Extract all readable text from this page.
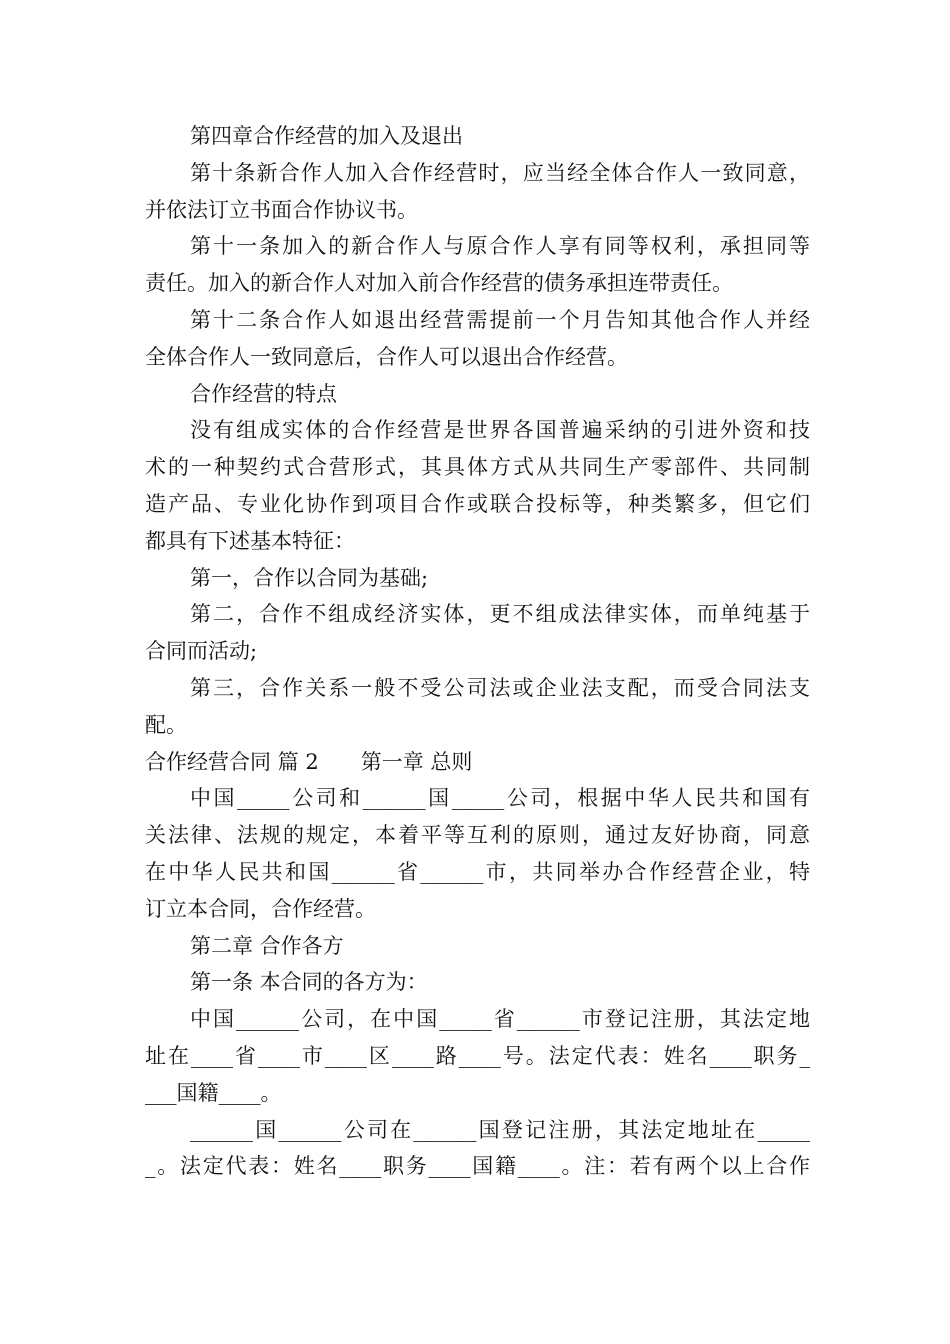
第四章合作经营的加入及退出
第十条新合作人加入合作经营时，应当经全体合作人一致同意，
并依法订立书面合作协议书。
第十一条加入的新合作人与原合作人享有同等权利，承担同等
责任。加入的新合作人对加入前合作经营的债务承担连带责任。
第十二条合作人如退出经营需提前一个月告知其他合作人并经
全体合作人一致同意后，合作人可以退出合作经营。
合作经营的特点
没有组成实体的合作经营是世界各国普遍采纳的引进外资和技
术的一种契约式合营形式，其具体方式从共同生产零部件、共同制
造产品、专业化协作到项目合作或联合投标等，种类繁多，但它们
都具有下述基本特征：
第一，合作以合同为基础;
第二，合作不组成经济实体，更不组成法律实体，而单纯基于
合同而活动;
第三，合作关系一般不受公司法或企业法支配，而受合同法支
配。
合作经营合同 篇 2　　第一章 总则
中国_____公司和______国_____公司，根据中华人民共和国有
关法律、法规的规定，本着平等互利的原则，通过友好协商，同意
在中华人民共和国______省______市，共同举办合作经营企业，特
订立本合同，合作经营。
第二章 合作各方
第一条 本合同的各方为：
中国______公司，在中国_____省______市登记注册，其法定地
址在____省____市____区____路____号。法定代表：姓名____职务_
___国籍____。
______国______公司在______国登记注册，其法定地址在_____
_。法定代表：姓名____职务____国籍____。注：若有两个以上合作
